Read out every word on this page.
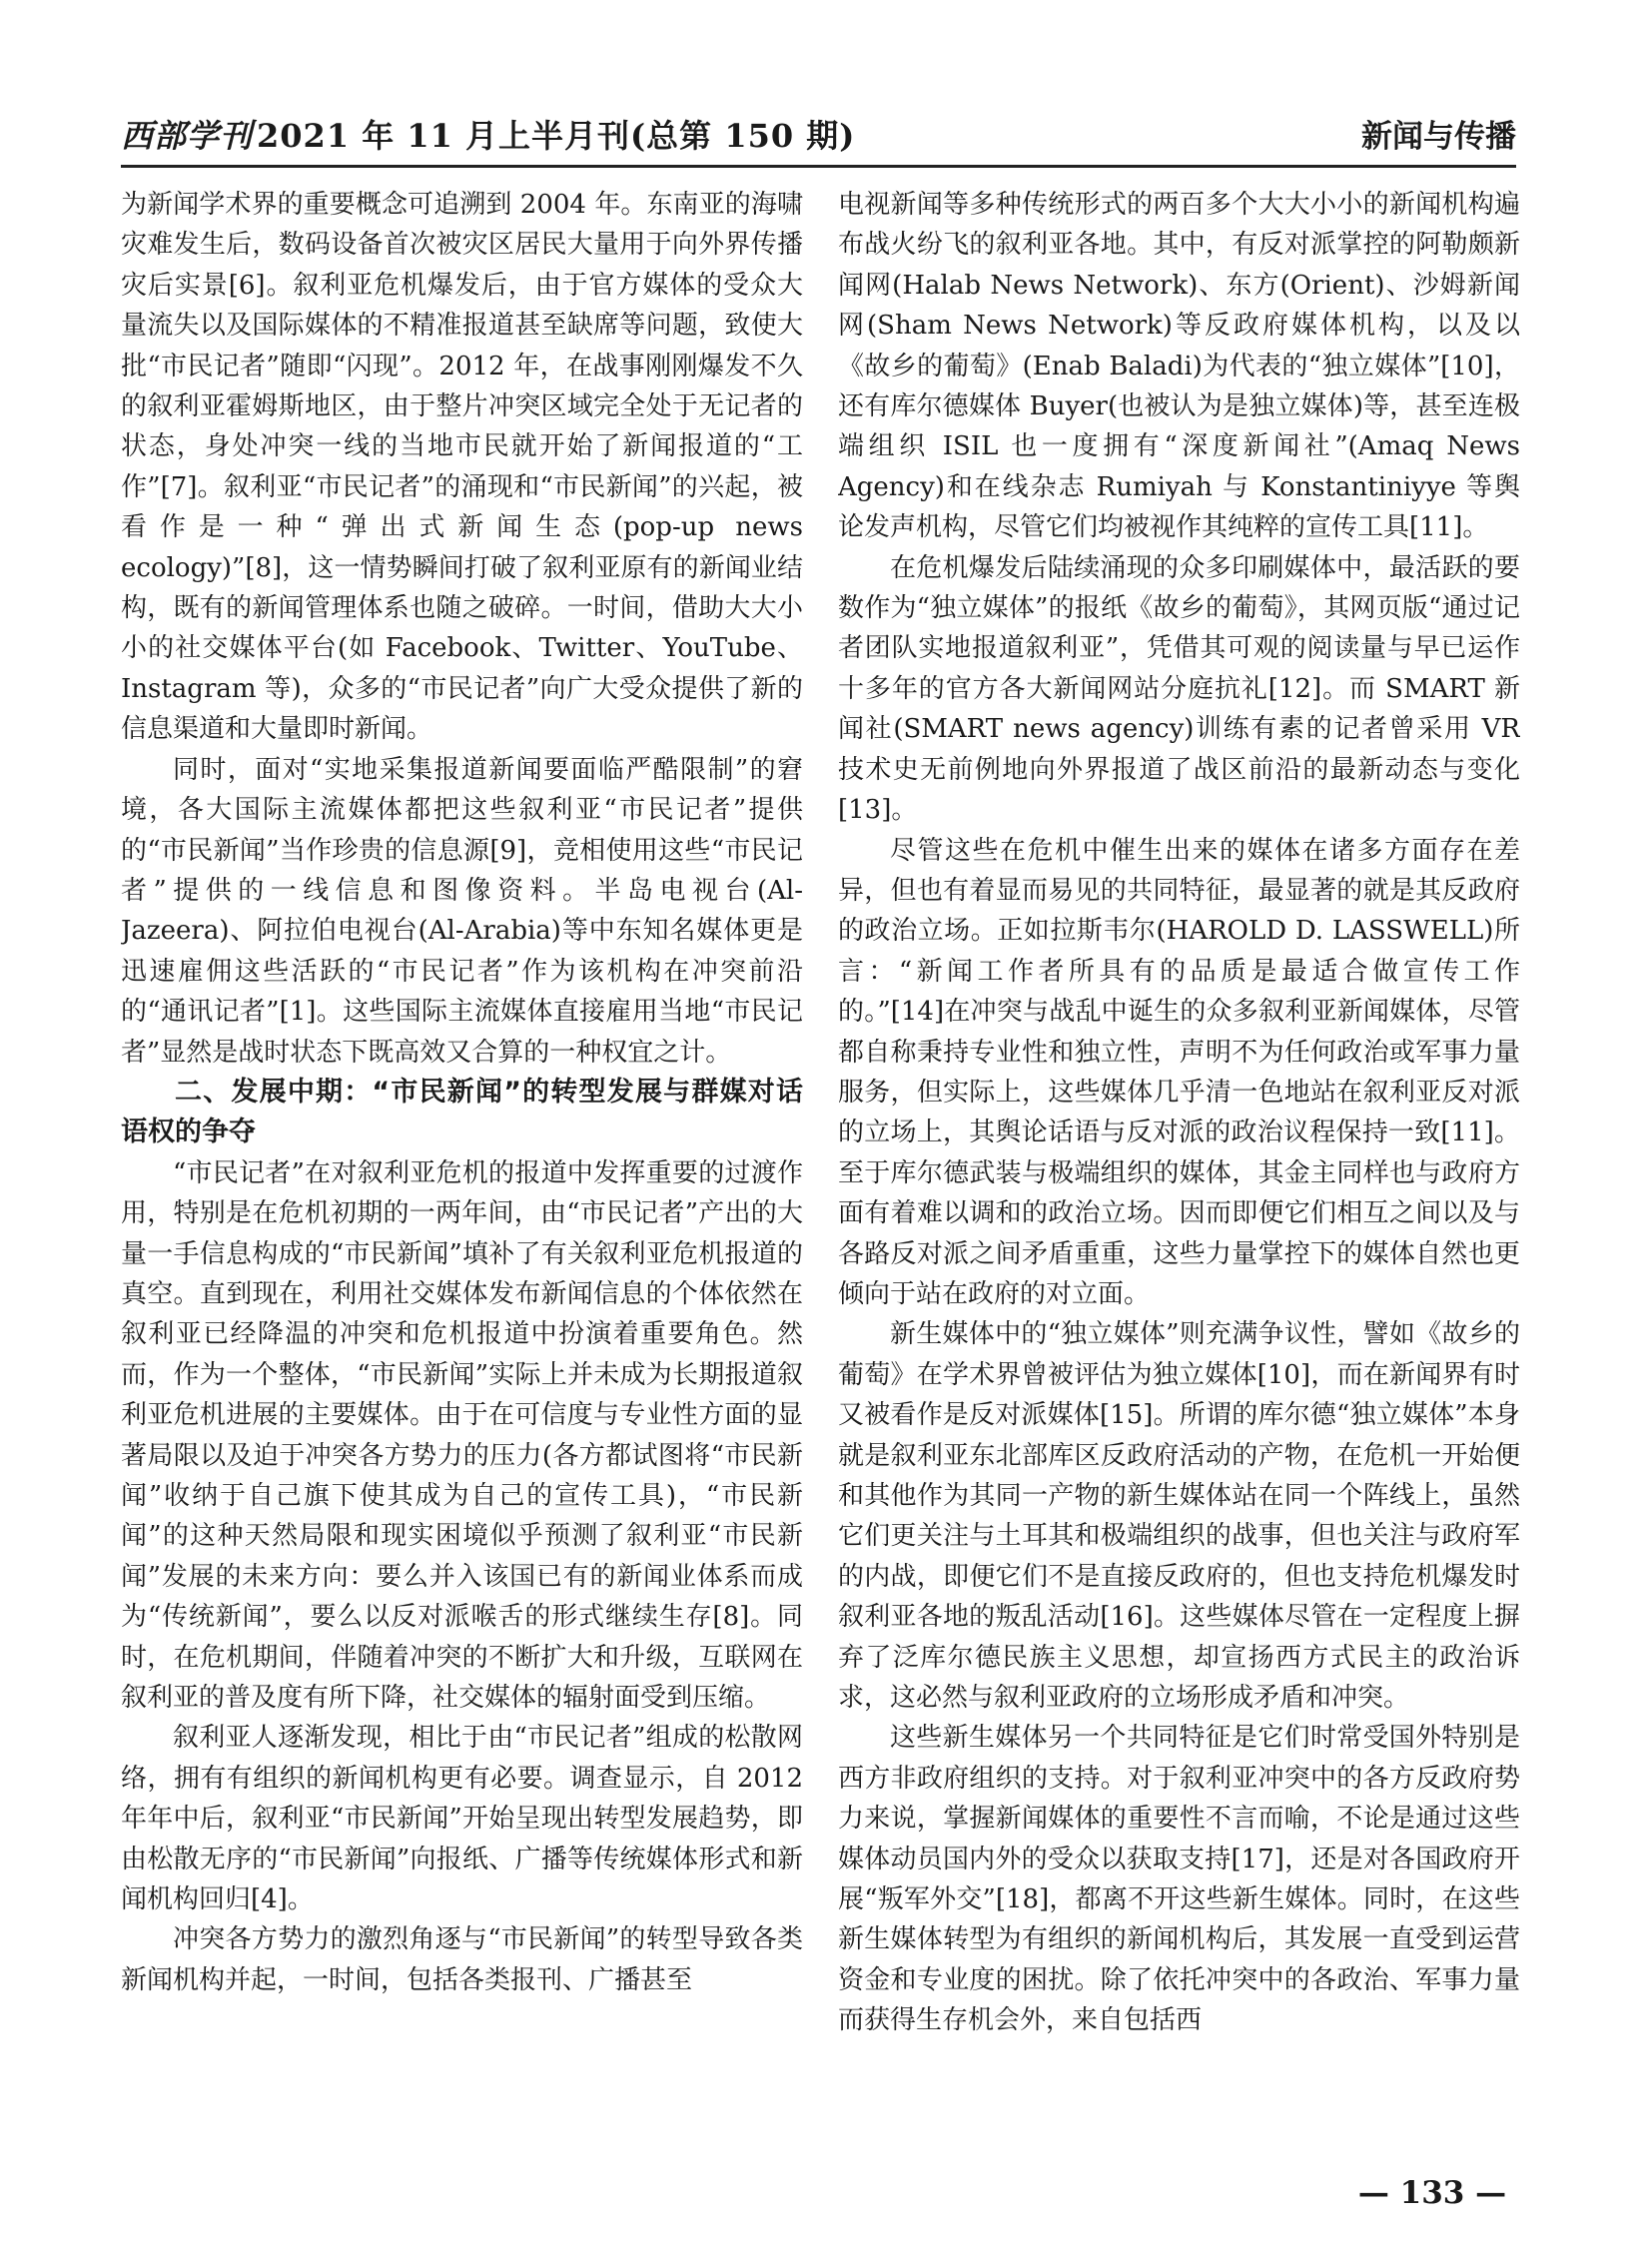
西部学刊 2021 年 11 月上半月刊(总第 150 期)	新闻与传播

为新闻学术界的重要概念可追溯到 2004 年。东南亚的海啸灾难发生后，数码设备首次被灾区居民大量用于向外界传播灾后实景[6]。叙利亚危机爆发后，由于官方媒体的受众大量流失以及国际媒体的不精准报道甚至缺席等问题，致使大批“市民记者”随即“闪现”。2012 年，在战事刚刚爆发不久的叙利亚霍姆斯地区，由于整片冲突区域完全处于无记者的状态，身处冲突一线的当地市民就开始了新闻报道的“工作”[7]。叙利亚“市民记者”的涌现和“市民新闻”的兴起，被看作是一种“弹出式新闻生态(pop-up news ecology)”[8]，这一情势瞬间打破了叙利亚原有的新闻业结构，既有的新闻管理体系也随之破碎。一时间，借助大大小小的社交媒体平台(如 Facebook、Twitter、YouTube、Instagram 等)，众多的“市民记者”向广大受众提供了新的信息渠道和大量即时新闻。

同时，面对“实地采集报道新闻要面临严酷限制”的窘境，各大国际主流媒体都把这些叙利亚“市民记者”提供的“市民新闻”当作珍贵的信息源[9]，竞相使用这些“市民记者”提供的一线信息和图像资料。半岛电视台(Al-Jazeera)、阿拉伯电视台(Al-Arabia)等中东知名媒体更是迅速雇佣这些活跃的“市民记者”作为该机构在冲突前沿的“通讯记者”[1]。这些国际主流媒体直接雇用当地“市民记者”显然是战时状态下既高效又合算的一种权宜之计。

二、发展中期：“市民新闻”的转型发展与群媒对话语权的争夺

“市民记者”在对叙利亚危机的报道中发挥重要的过渡作用，特别是在危机初期的一两年间，由“市民记者”产出的大量一手信息构成的“市民新闻”填补了有关叙利亚危机报道的真空。直到现在，利用社交媒体发布新闻信息的个体依然在叙利亚已经降温的冲突和危机报道中扮演着重要角色。然而，作为一个整体，“市民新闻”实际上并未成为长期报道叙利亚危机进展的主要媒体。由于在可信度与专业性方面的显著局限以及迫于冲突各方势力的压力(各方都试图将“市民新闻”收纳于自己旗下使其成为自己的宣传工具)，“市民新闻”的这种天然局限和现实困境似乎预测了叙利亚“市民新闻”发展的未来方向：要么并入该国已有的新闻业体系而成为“传统新闻”，要么以反对派喉舌的形式继续生存[8]。同时，在危机期间，伴随着冲突的不断扩大和升级，互联网在叙利亚的普及度有所下降，社交媒体的辐射面受到压缩。

叙利亚人逐渐发现，相比于由“市民记者”组成的松散网络，拥有有组织的新闻机构更有必要。调查显示，自 2012 年年中后，叙利亚“市民新闻”开始呈现出转型发展趋势，即由松散无序的“市民新闻”向报纸、广播等传统媒体形式和新闻机构回归[4]。

冲突各方势力的激烈角逐与“市民新闻”的转型导致各类新闻机构并起，一时间，包括各类报刊、广播甚至

电视新闻等多种传统形式的两百多个大大小小的新闻机构遍布战火纷飞的叙利亚各地。其中，有反对派掌控的阿勒颇新闻网(Halab News Network)、东方(Orient)、沙姆新闻网(Sham News Network)等反政府媒体机构，以及以《故乡的葡萄》(Enab Baladi)为代表的“独立媒体”[10]，还有库尔德媒体 Buyer(也被认为是独立媒体)等，甚至连极端组织 ISIL 也一度拥有“深度新闻社”(Amaq News Agency)和在线杂志 Rumiyah 与 Konstantiniyye 等舆论发声机构，尽管它们均被视作其纯粹的宣传工具[11]。

在危机爆发后陆续涌现的众多印刷媒体中，最活跃的要数作为“独立媒体”的报纸《故乡的葡萄》，其网页版“通过记者团队实地报道叙利亚”，凭借其可观的阅读量与早已运作十多年的官方各大新闻网站分庭抗礼[12]。而 SMART 新闻社(SMART news agency)训练有素的记者曾采用 VR 技术史无前例地向外界报道了战区前沿的最新动态与变化[13]。

尽管这些在危机中催生出来的媒体在诸多方面存在差异，但也有着显而易见的共同特征，最显著的就是其反政府的政治立场。正如拉斯韦尔(HAROLD D. LASSWELL)所言：“新闻工作者所具有的品质是最适合做宣传工作的。”[14]在冲突与战乱中诞生的众多叙利亚新闻媒体，尽管都自称秉持专业性和独立性，声明不为任何政治或军事力量服务，但实际上，这些媒体几乎清一色地站在叙利亚反对派的立场上，其舆论话语与反对派的政治议程保持一致[11]。至于库尔德武装与极端组织的媒体，其金主同样也与政府方面有着难以调和的政治立场。因而即便它们相互之间以及与各路反对派之间矛盾重重，这些力量掌控下的媒体自然也更倾向于站在政府的对立面。

新生媒体中的“独立媒体”则充满争议性，譬如《故乡的葡萄》在学术界曾被评估为独立媒体[10]，而在新闻界有时又被看作是反对派媒体[15]。所谓的库尔德“独立媒体”本身就是叙利亚东北部库区反政府活动的产物，在危机一开始便和其他作为其同一产物的新生媒体站在同一个阵线上，虽然它们更关注与土耳其和极端组织的战事，但也关注与政府军的内战，即便它们不是直接反政府的，但也支持危机爆发时叙利亚各地的叛乱活动[16]。这些媒体尽管在一定程度上摒弃了泛库尔德民族主义思想，却宣扬西方式民主的政治诉求，这必然与叙利亚政府的立场形成矛盾和冲突。

这些新生媒体另一个共同特征是它们时常受国外特别是西方非政府组织的支持。对于叙利亚冲突中的各方反政府势力来说，掌握新闻媒体的重要性不言而喻，不论是通过这些媒体动员国内外的受众以获取支持[17]，还是对各国政府开展“叛军外交”[18]，都离不开这些新生媒体。同时，在这些新生媒体转型为有组织的新闻机构后，其发展一直受到运营资金和专业度的困扰。除了依托冲突中的各政治、军事力量而获得生存机会外，来自包括西

— 133 —
